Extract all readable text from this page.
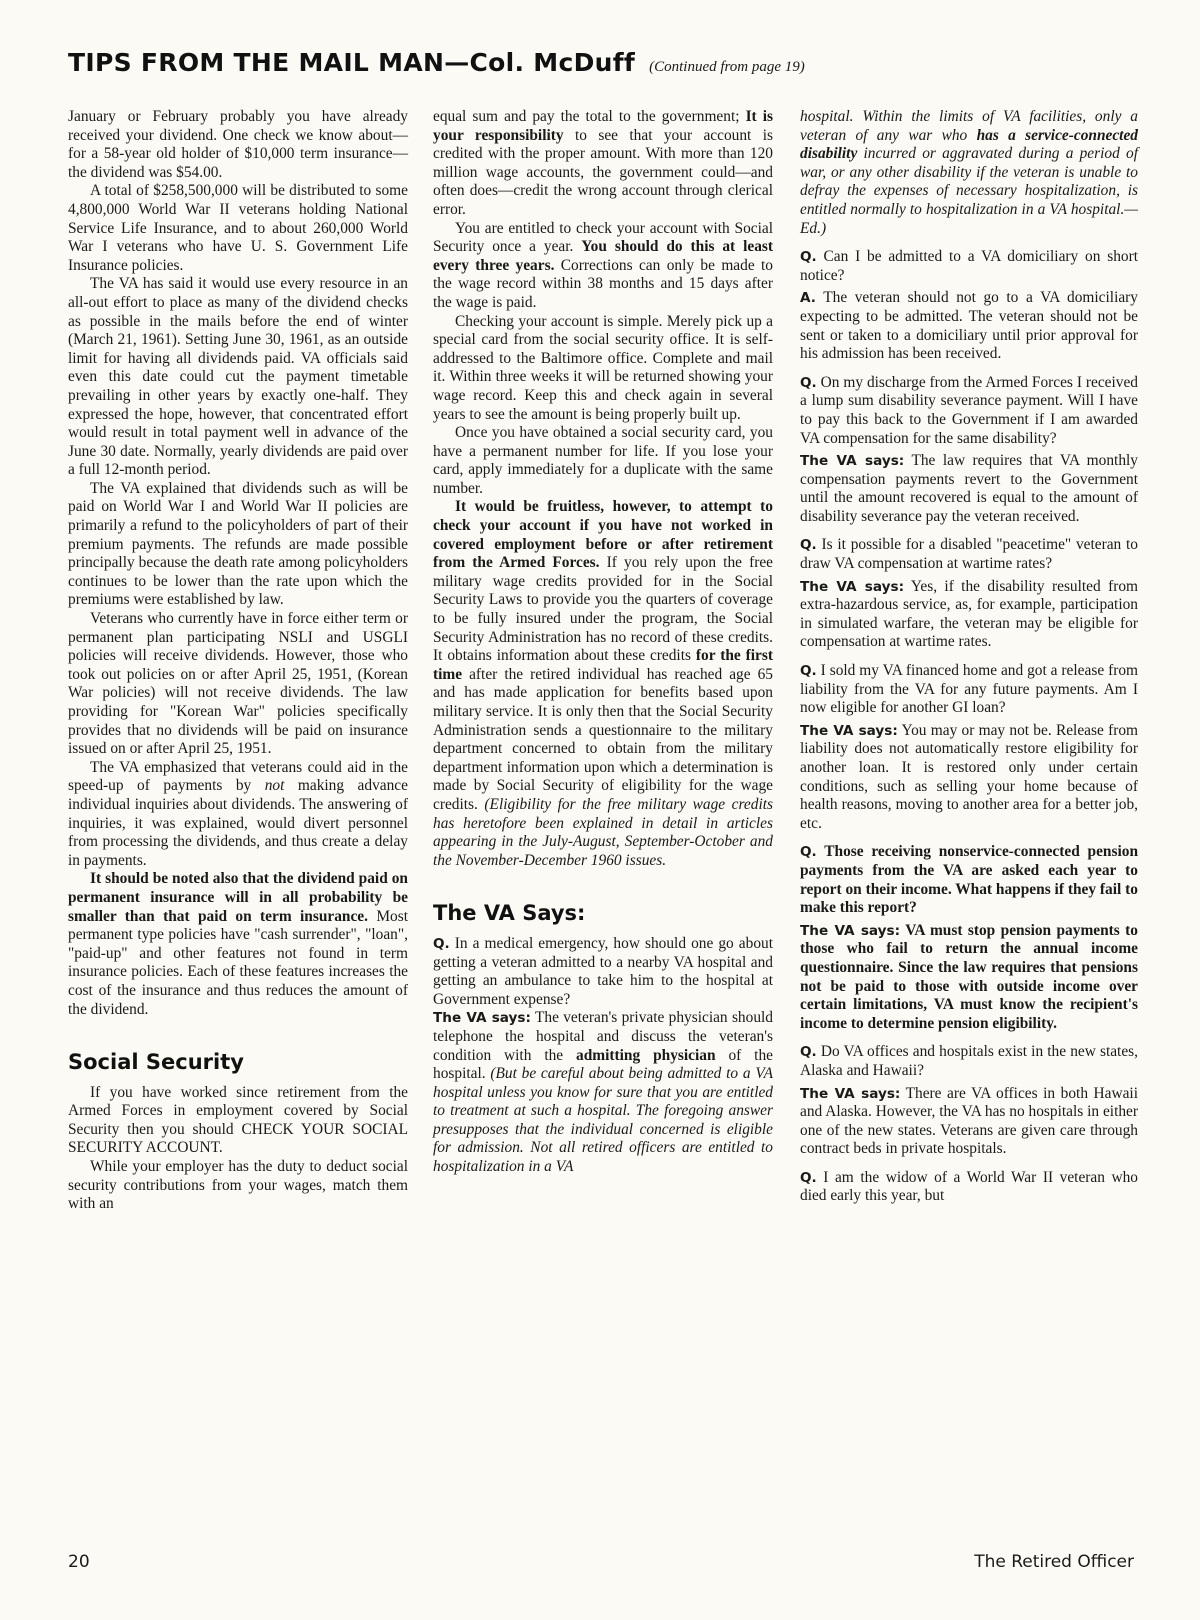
TIPS FROM THE MAIL MAN—Col. McDuff (Continued from page 19)

January or February probably you have already received your dividend. One check we know about—for a 58-year old holder of $10,000 term insurance—the dividend was $54.00.

A total of $258,500,000 will be distributed to some 4,800,000 World War II veterans holding National Service Life Insurance, and to about 260,000 World War I veterans who have U. S. Government Life Insurance policies.

The VA has said it would use every resource in an all-out effort to place as many of the dividend checks as possible in the mails before the end of winter (March 21, 1961). Setting June 30, 1961, as an outside limit for having all dividends paid. VA officials said even this date could cut the payment timetable prevailing in other years by exactly one-half. They expressed the hope, however, that concentrated effort would result in total payment well in advance of the June 30 date. Normally, yearly dividends are paid over a full 12-month period.

The VA explained that dividends such as will be paid on World War I and World War II policies are primarily a refund to the policyholders of part of their premium payments. The refunds are made possible principally because the death rate among policyholders continues to be lower than the rate upon which the premiums were established by law.

Veterans who currently have in force either term or permanent plan participating NSLI and USGLI policies will receive dividends. However, those who took out policies on or after April 25, 1951, (Korean War policies) will not receive dividends. The law providing for "Korean War" policies specifically provides that no dividends will be paid on insurance issued on or after April 25, 1951.

The VA emphasized that veterans could aid in the speed-up of payments by not making advance individual inquiries about dividends. The answering of inquiries, it was explained, would divert personnel from processing the dividends, and thus create a delay in payments.

It should be noted also that the dividend paid on permanent insurance will in all probability be smaller than that paid on term insurance. Most permanent type policies have "cash surrender", "loan", "paid-up" and other features not found in term insurance policies. Each of these features increases the cost of the insurance and thus reduces the amount of the dividend.

Social Security

If you have worked since retirement from the Armed Forces in employment covered by Social Security then you should CHECK YOUR SOCIAL SECURITY ACCOUNT.

While your employer has the duty to deduct social security contributions from your wages, match them with an

equal sum and pay the total to the government; It is your responsibility to see that your account is credited with the proper amount. With more than 120 million wage accounts, the government could—and often does—credit the wrong account through clerical error.

You are entitled to check your account with Social Security once a year. You should do this at least every three years. Corrections can only be made to the wage record within 38 months and 15 days after the wage is paid.

Checking your account is simple. Merely pick up a special card from the social security office. It is self-addressed to the Baltimore office. Complete and mail it. Within three weeks it will be returned showing your wage record. Keep this and check again in several years to see the amount is being properly built up.

Once you have obtained a social security card, you have a permanent number for life. If you lose your card, apply immediately for a duplicate with the same number.

It would be fruitless, however, to attempt to check your account if you have not worked in covered employment before or after retirement from the Armed Forces. If you rely upon the free military wage credits provided for in the Social Security Laws to provide you the quarters of coverage to be fully insured under the program, the Social Security Administration has no record of these credits. It obtains information about these credits for the first time after the retired individual has reached age 65 and has made application for benefits based upon military service. It is only then that the Social Security Administration sends a questionnaire to the military department concerned to obtain from the military department information upon which a determination is made by Social Security of eligibility for the wage credits. (Eligibility for the free military wage credits has heretofore been explained in detail in articles appearing in the July-August, September-October and the November-December 1960 issues.

The VA Says:

Q. In a medical emergency, how should one go about getting a veteran admitted to a nearby VA hospital and getting an ambulance to take him to the hospital at Government expense?

The VA says: The veteran's private physician should telephone the hospital and discuss the veteran's condition with the admitting physician of the hospital. (But be careful about being admitted to a VA hospital unless you know for sure that you are entitled to treatment at such a hospital. The foregoing answer presupposes that the individual concerned is eligible for admission. Not all retired officers are entitled to hospitalization in a VA

hospital. Within the limits of VA facilities, only a veteran of any war who has a service-connected disability incurred or aggravated during a period of war, or any other disability if the veteran is unable to defray the expenses of necessary hospitalization, is entitled normally to hospitalization in a VA hospital.—Ed.)

Q. Can I be admitted to a VA domiciliary on short notice?

A. The veteran should not go to a VA domiciliary expecting to be admitted. The veteran should not be sent or taken to a domiciliary until prior approval for his admission has been received.

Q. On my discharge from the Armed Forces I received a lump sum disability severance payment. Will I have to pay this back to the Government if I am awarded VA compensation for the same disability?

The VA says: The law requires that VA monthly compensation payments revert to the Government until the amount recovered is equal to the amount of disability severance pay the veteran received.

Q. Is it possible for a disabled "peacetime" veteran to draw VA compensation at wartime rates?

The VA says: Yes, if the disability resulted from extra-hazardous service, as, for example, participation in simulated warfare, the veteran may be eligible for compensation at wartime rates.

Q. I sold my VA financed home and got a release from liability from the VA for any future payments. Am I now eligible for another GI loan?

The VA says: You may or may not be. Release from liability does not automatically restore eligibility for another loan. It is restored only under certain conditions, such as selling your home because of health reasons, moving to another area for a better job, etc.

Q. Those receiving nonservice-connected pension payments from the VA are asked each year to report on their income. What happens if they fail to make this report?

The VA says: VA must stop pension payments to those who fail to return the annual income questionnaire. Since the law requires that pensions not be paid to those with outside income over certain limitations, VA must know the recipient's income to determine pension eligibility.

Q. Do VA offices and hospitals exist in the new states, Alaska and Hawaii?

The VA says: There are VA offices in both Hawaii and Alaska. However, the VA has no hospitals in either one of the new states. Veterans are given care through contract beds in private hospitals.

Q. I am the widow of a World War II veteran who died early this year, but

20	The Retired Officer
